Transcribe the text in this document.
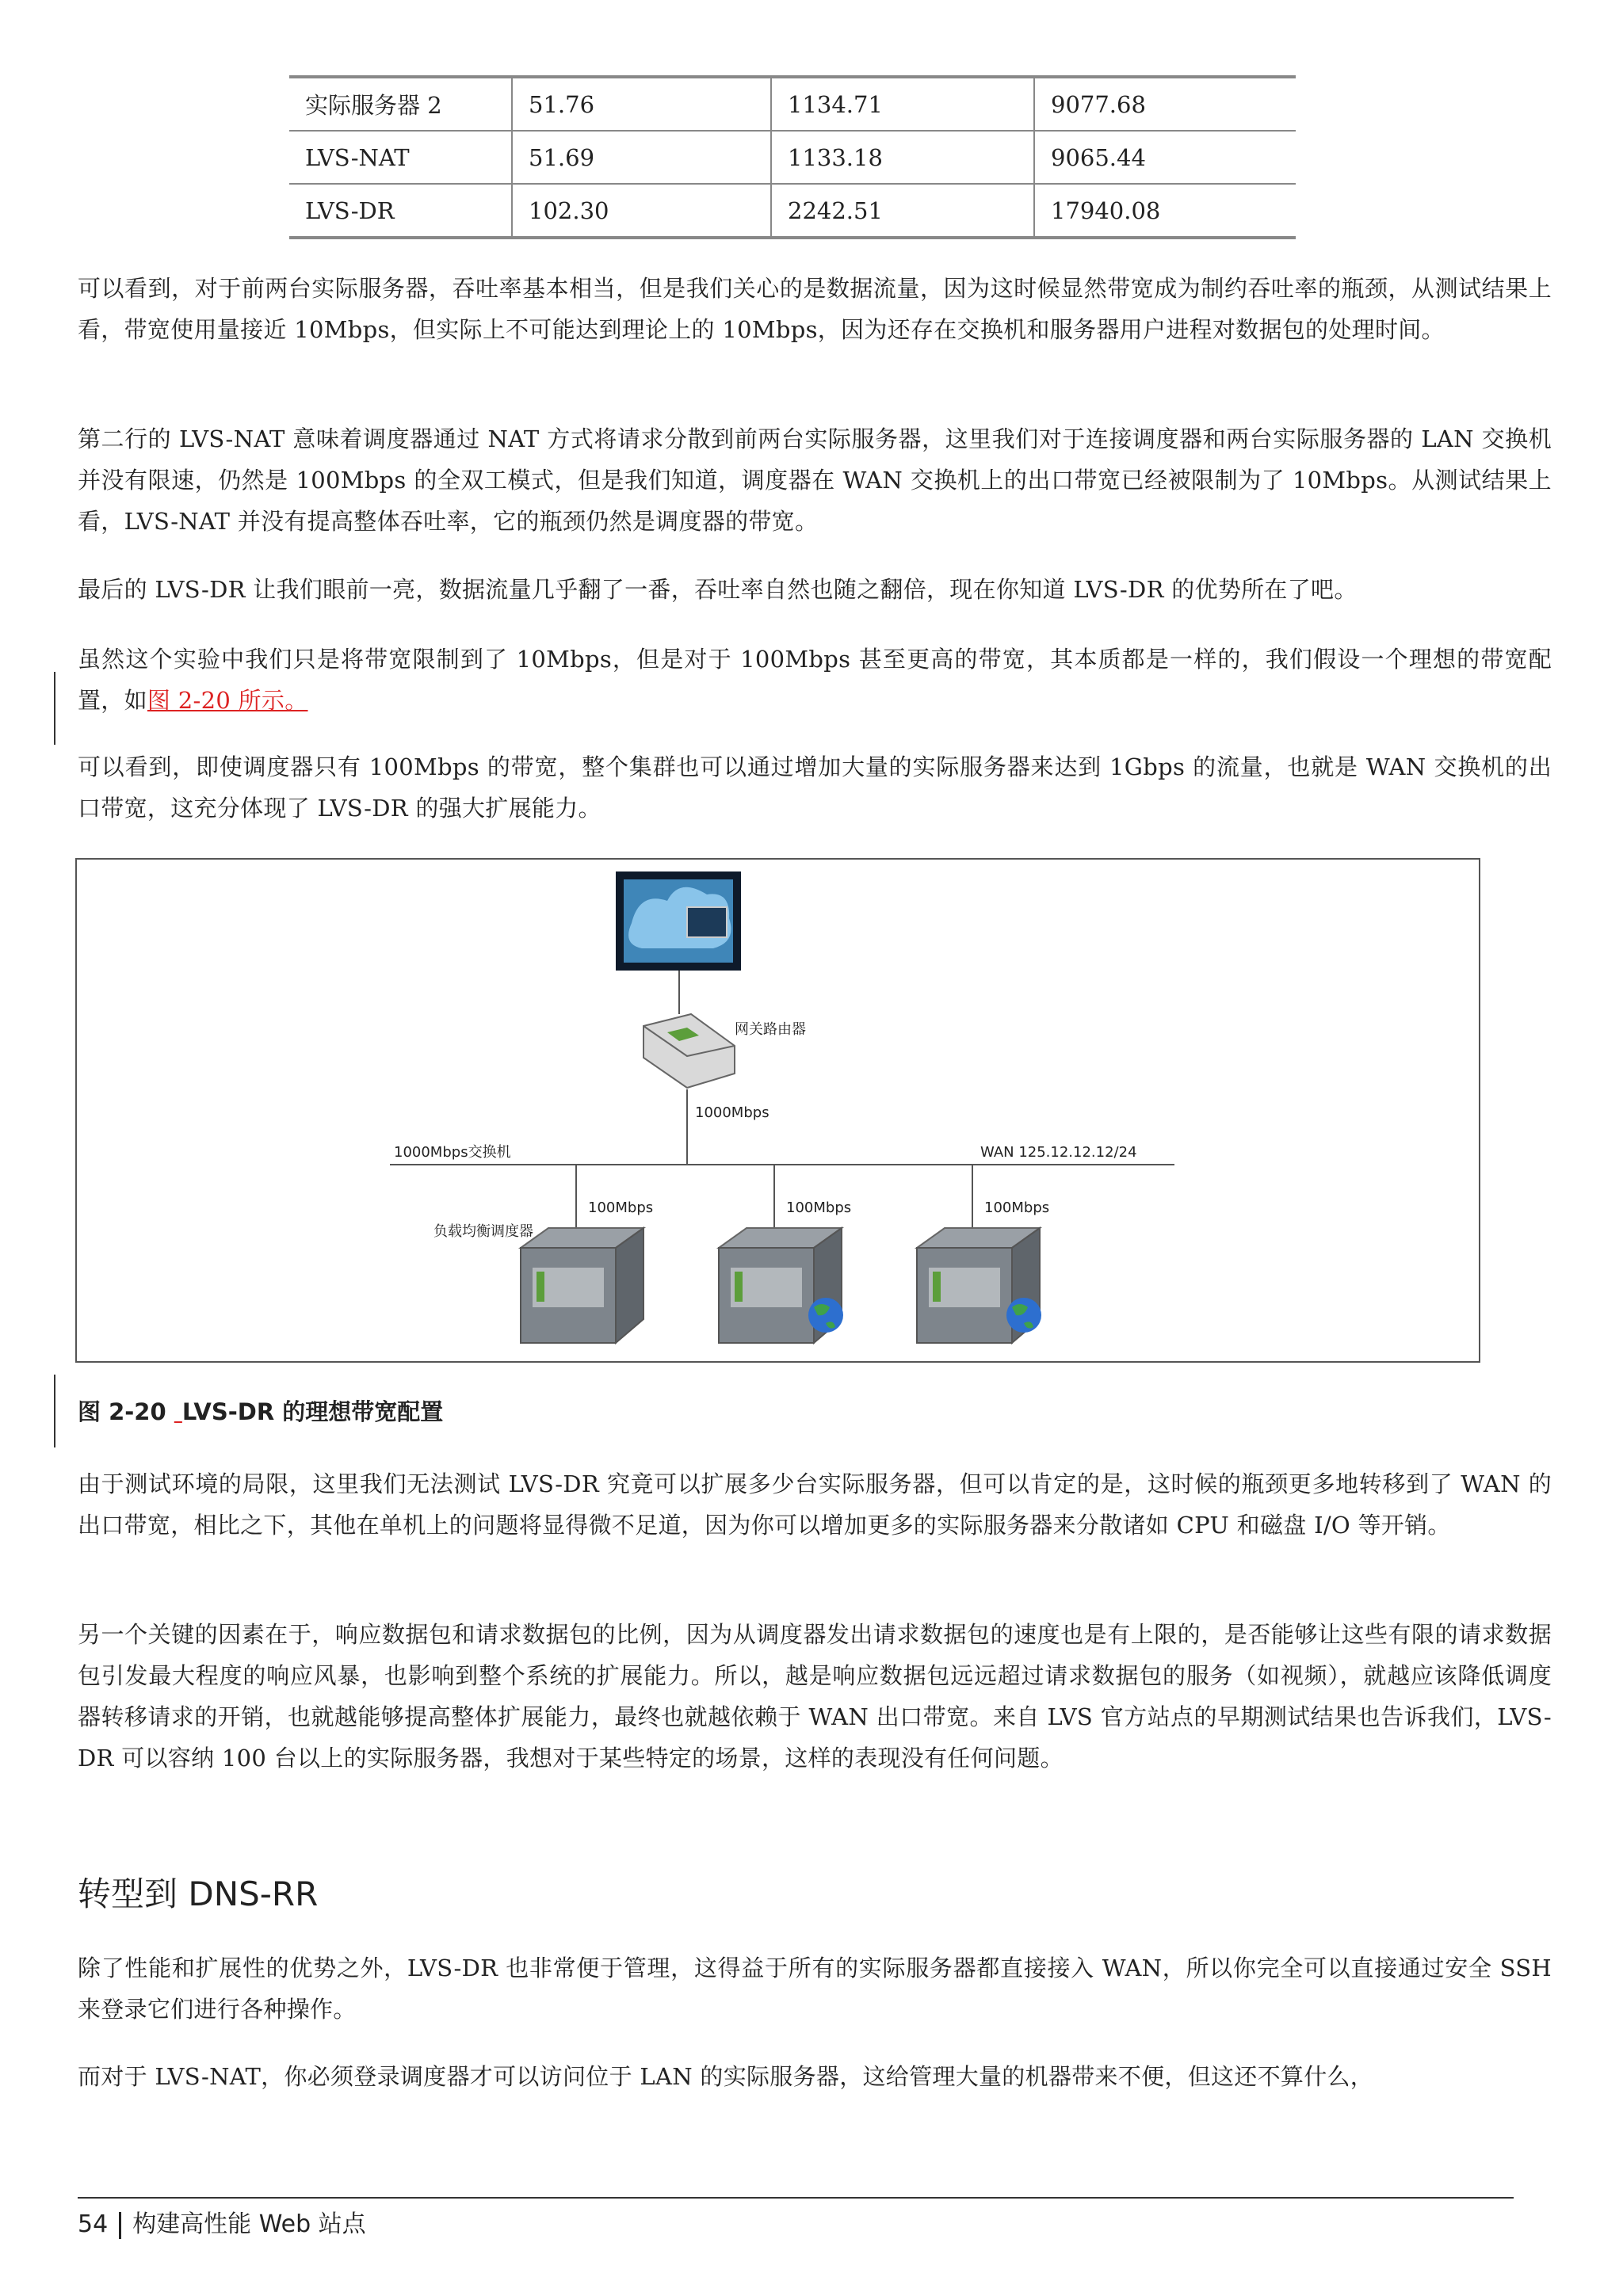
实际服务器 2	51.76	1134.71	9077.68
LVS-NAT	51.69	1133.18	9065.44
LVS-DR	102.30	2242.51	17940.08

可以看到，对于前两台实际服务器，吞吐率基本相当，但是我们关心的是数据流量，因为这时候显然带宽成为制约吞吐率的瓶颈，从测试结果上看，带宽使用量接近 10Mbps，但实际上不可能达到理论上的 10Mbps，因为还存在交换机和服务器用户进程对数据包的处理时间。

第二行的 LVS-NAT 意味着调度器通过 NAT 方式将请求分散到前两台实际服务器，这里我们对于连接调度器和两台实际服务器的 LAN 交换机并没有限速，仍然是 100Mbps 的全双工模式，但是我们知道，调度器在 WAN 交换机上的出口带宽已经被限制为了 10Mbps。从测试结果上看，LVS-NAT 并没有提高整体吞吐率，它的瓶颈仍然是调度器的带宽。

最后的 LVS-DR 让我们眼前一亮，数据流量几乎翻了一番，吞吐率自然也随之翻倍，现在你知道 LVS-DR 的优势所在了吧。

虽然这个实验中我们只是将带宽限制到了 10Mbps，但是对于 100Mbps 甚至更高的带宽，其本质都是一样的，我们假设一个理想的带宽配置，如图 2-20 所示。

可以看到，即使调度器只有 100Mbps 的带宽，整个集群也可以通过增加大量的实际服务器来达到 1Gbps 的流量，也就是 WAN 交换机的出口带宽，这充分体现了 LVS-DR 的强大扩展能力。

网关路由器
1000Mbps
1000Mbps交换机	WAN 125.12.12.12/24
100Mbps	100Mbps	100Mbps
负载均衡调度器
图 2-20 LVS-DR 的理想带宽配置

由于测试环境的局限，这里我们无法测试 LVS-DR 究竟可以扩展多少台实际服务器，但可以肯定的是，这时候的瓶颈更多地转移到了 WAN 的出口带宽，相比之下，其他在单机上的问题将显得微不足道，因为你可以增加更多的实际服务器来分散诸如 CPU 和磁盘 I/O 等开销。

另一个关键的因素在于，响应数据包和请求数据包的比例，因为从调度器发出请求数据包的速度也是有上限的，是否能够让这些有限的请求数据包引发最大程度的响应风暴，也影响到整个系统的扩展能力。所以，越是响应数据包远远超过请求数据包的服务（如视频），就越应该降低调度器转移请求的开销，也就越能够提高整体扩展能力，最终也就越依赖于 WAN 出口带宽。来自 LVS 官方站点的早期测试结果也告诉我们，LVS-DR 可以容纳 100 台以上的实际服务器，我想对于某些特定的场景，这样的表现没有任何问题。

转型到 DNS-RR

除了性能和扩展性的优势之外，LVS-DR 也非常便于管理，这得益于所有的实际服务器都直接接入 WAN，所以你完全可以直接通过安全 SSH 来登录它们进行各种操作。

而对于 LVS-NAT，你必须登录调度器才可以访问位于 LAN 的实际服务器，这给管理大量的机器带来不便，但这还不算什么，

54 构建高性能 Web 站点
